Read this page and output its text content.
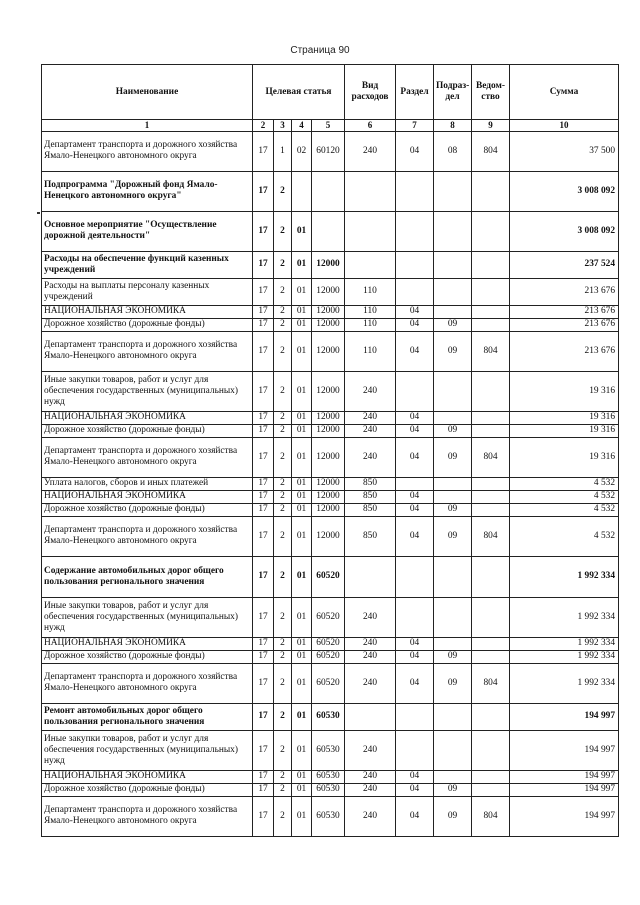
Страница 90
Наименование	Целевая статья				Вид расходов	Раздел	Подраз-дел	Ведом-ство	Сумма
1	2	3	4	5	6	7	8	9	10
Департамент транспорта и дорожного хозяйства Ямало-Ненецкого автономного округа	17	1	02	60120	240	04	08	804	37 500
Подпрограмма "Дорожный фонд Ямало-Ненецкого автономного округа"	17	2							3 008 092
Основное мероприятие "Осуществление дорожной деятельности"	17	2	01						3 008 092
Расходы на обеспечение функций казенных учреждений	17	2	01	12000					237 524
Расходы на выплаты персоналу казенных учреждений	17	2	01	12000	110				213 676
НАЦИОНАЛЬНАЯ ЭКОНОМИКА	17	2	01	12000	110	04			213 676
Дорожное хозяйство (дорожные фонды)	17	2	01	12000	110	04	09		213 676
Департамент транспорта и дорожного хозяйства Ямало-Ненецкого автономного округа	17	2	01	12000	110	04	09	804	213 676
Иные закупки товаров, работ и услуг для обеспечения государственных (муниципальных) нужд	17	2	01	12000	240				19 316
НАЦИОНАЛЬНАЯ ЭКОНОМИКА	17	2	01	12000	240	04			19 316
Дорожное хозяйство (дорожные фонды)	17	2	01	12000	240	04	09		19 316
Департамент транспорта и дорожного хозяйства Ямало-Ненецкого автономного округа	17	2	01	12000	240	04	09	804	19 316
Уплата налогов, сборов и иных платежей	17	2	01	12000	850				4 532
НАЦИОНАЛЬНАЯ ЭКОНОМИКА	17	2	01	12000	850	04			4 532
Дорожное хозяйство (дорожные фонды)	17	2	01	12000	850	04	09		4 532
Департамент транспорта и дорожного хозяйства Ямало-Ненецкого автономного округа	17	2	01	12000	850	04	09	804	4 532
Содержание автомобильных дорог общего пользования регионального значения	17	2	01	60520					1 992 334
Иные закупки товаров, работ и услуг для обеспечения государственных (муниципальных) нужд	17	2	01	60520	240				1 992 334
НАЦИОНАЛЬНАЯ ЭКОНОМИКА	17	2	01	60520	240	04			1 992 334
Дорожное хозяйство (дорожные фонды)	17	2	01	60520	240	04	09		1 992 334
Департамент транспорта и дорожного хозяйства Ямало-Ненецкого автономного округа	17	2	01	60520	240	04	09	804	1 992 334
Ремонт автомобильных дорог общего пользования регионального значения	17	2	01	60530					194 997
Иные закупки товаров, работ и услуг для обеспечения государственных (муниципальных) нужд	17	2	01	60530	240				194 997
НАЦИОНАЛЬНАЯ ЭКОНОМИКА	17	2	01	60530	240	04			194 997
Дорожное хозяйство (дорожные фонды)	17	2	01	60530	240	04	09		194 997
Департамент транспорта и дорожного хозяйства Ямало-Ненецкого автономного округа	17	2	01	60530	240	04	09	804	194 997
